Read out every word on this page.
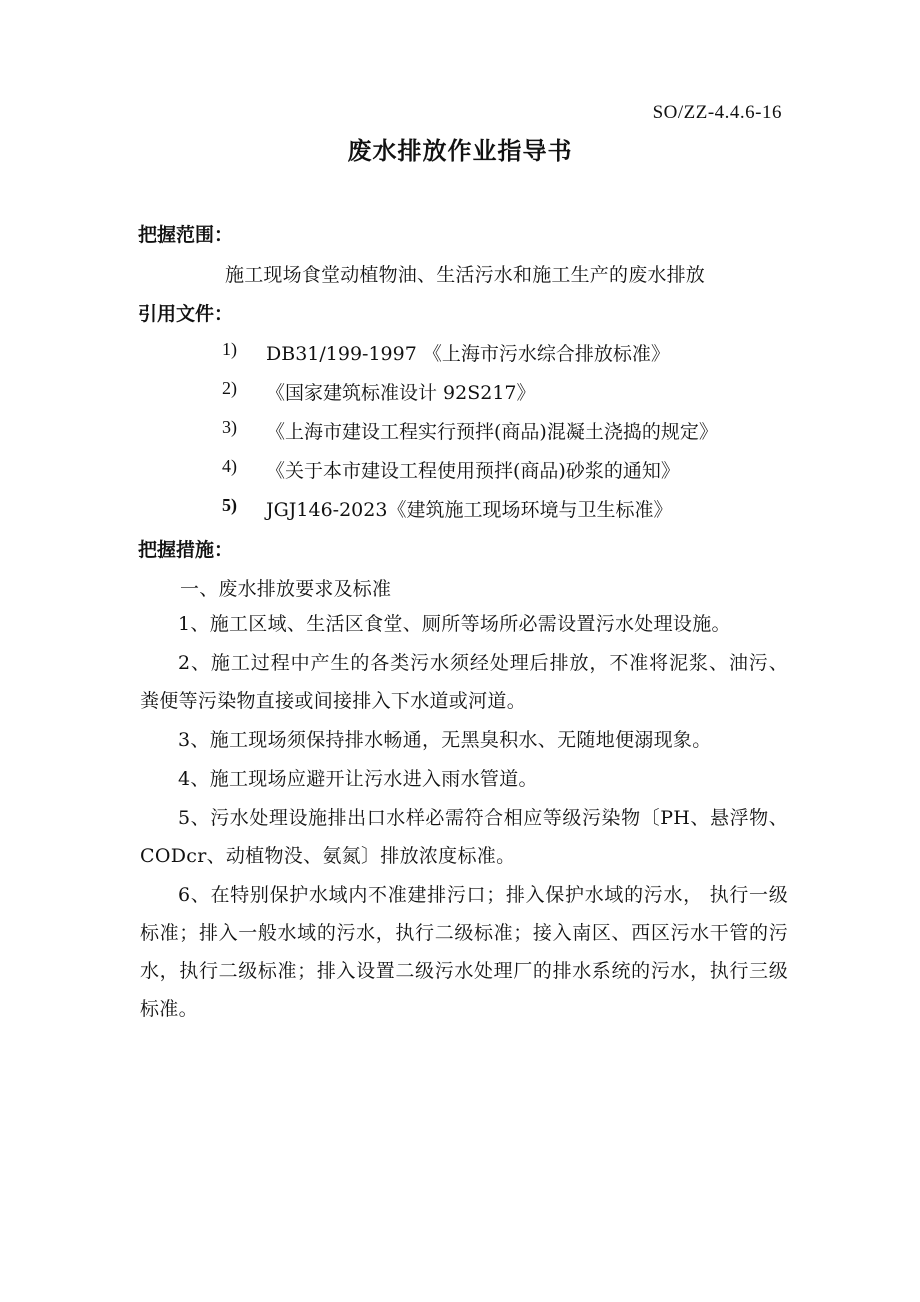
SO/ZZ-4.4.6-16
废水排放作业指导书
把握范围：
施工现场食堂动植物油、生活污水和施工生产的废水排放
引用文件：
1) DB31/199-1997 《上海市污水综合排放标准》
2) 《国家建筑标准设计 92S217》
3) 《上海市建设工程实行预拌(商品)混凝土浇捣的规定》
4) 《关于本市建设工程使用预拌(商品)砂浆的通知》
5) JGJ146-2023《建筑施工现场环境与卫生标准》
把握措施：
一、废水排放要求及标准
1、施工区域、生活区食堂、厕所等场所必需设置污水处理设施。
2、施工过程中产生的各类污水须经处理后排放，不准将泥浆、油污、粪便等污染物直接或间接排入下水道或河道。
3、施工现场须保持排水畅通，无黑臭积水、无随地便溺现象。
4、施工现场应避开让污水进入雨水管道。
5、污水处理设施排出口水样必需符合相应等级污染物〔PH、悬浮物、CODcr、动植物没、氨氮〕排放浓度标准。
6、在特别保护水域内不准建排污口；排入保护水域的污水， 执行一级标准；排入一般水域的污水，执行二级标准；接入南区、西区污水干管的污水，执行二级标准；排入设置二级污水处理厂的排水系统的污水，执行三级标准。
